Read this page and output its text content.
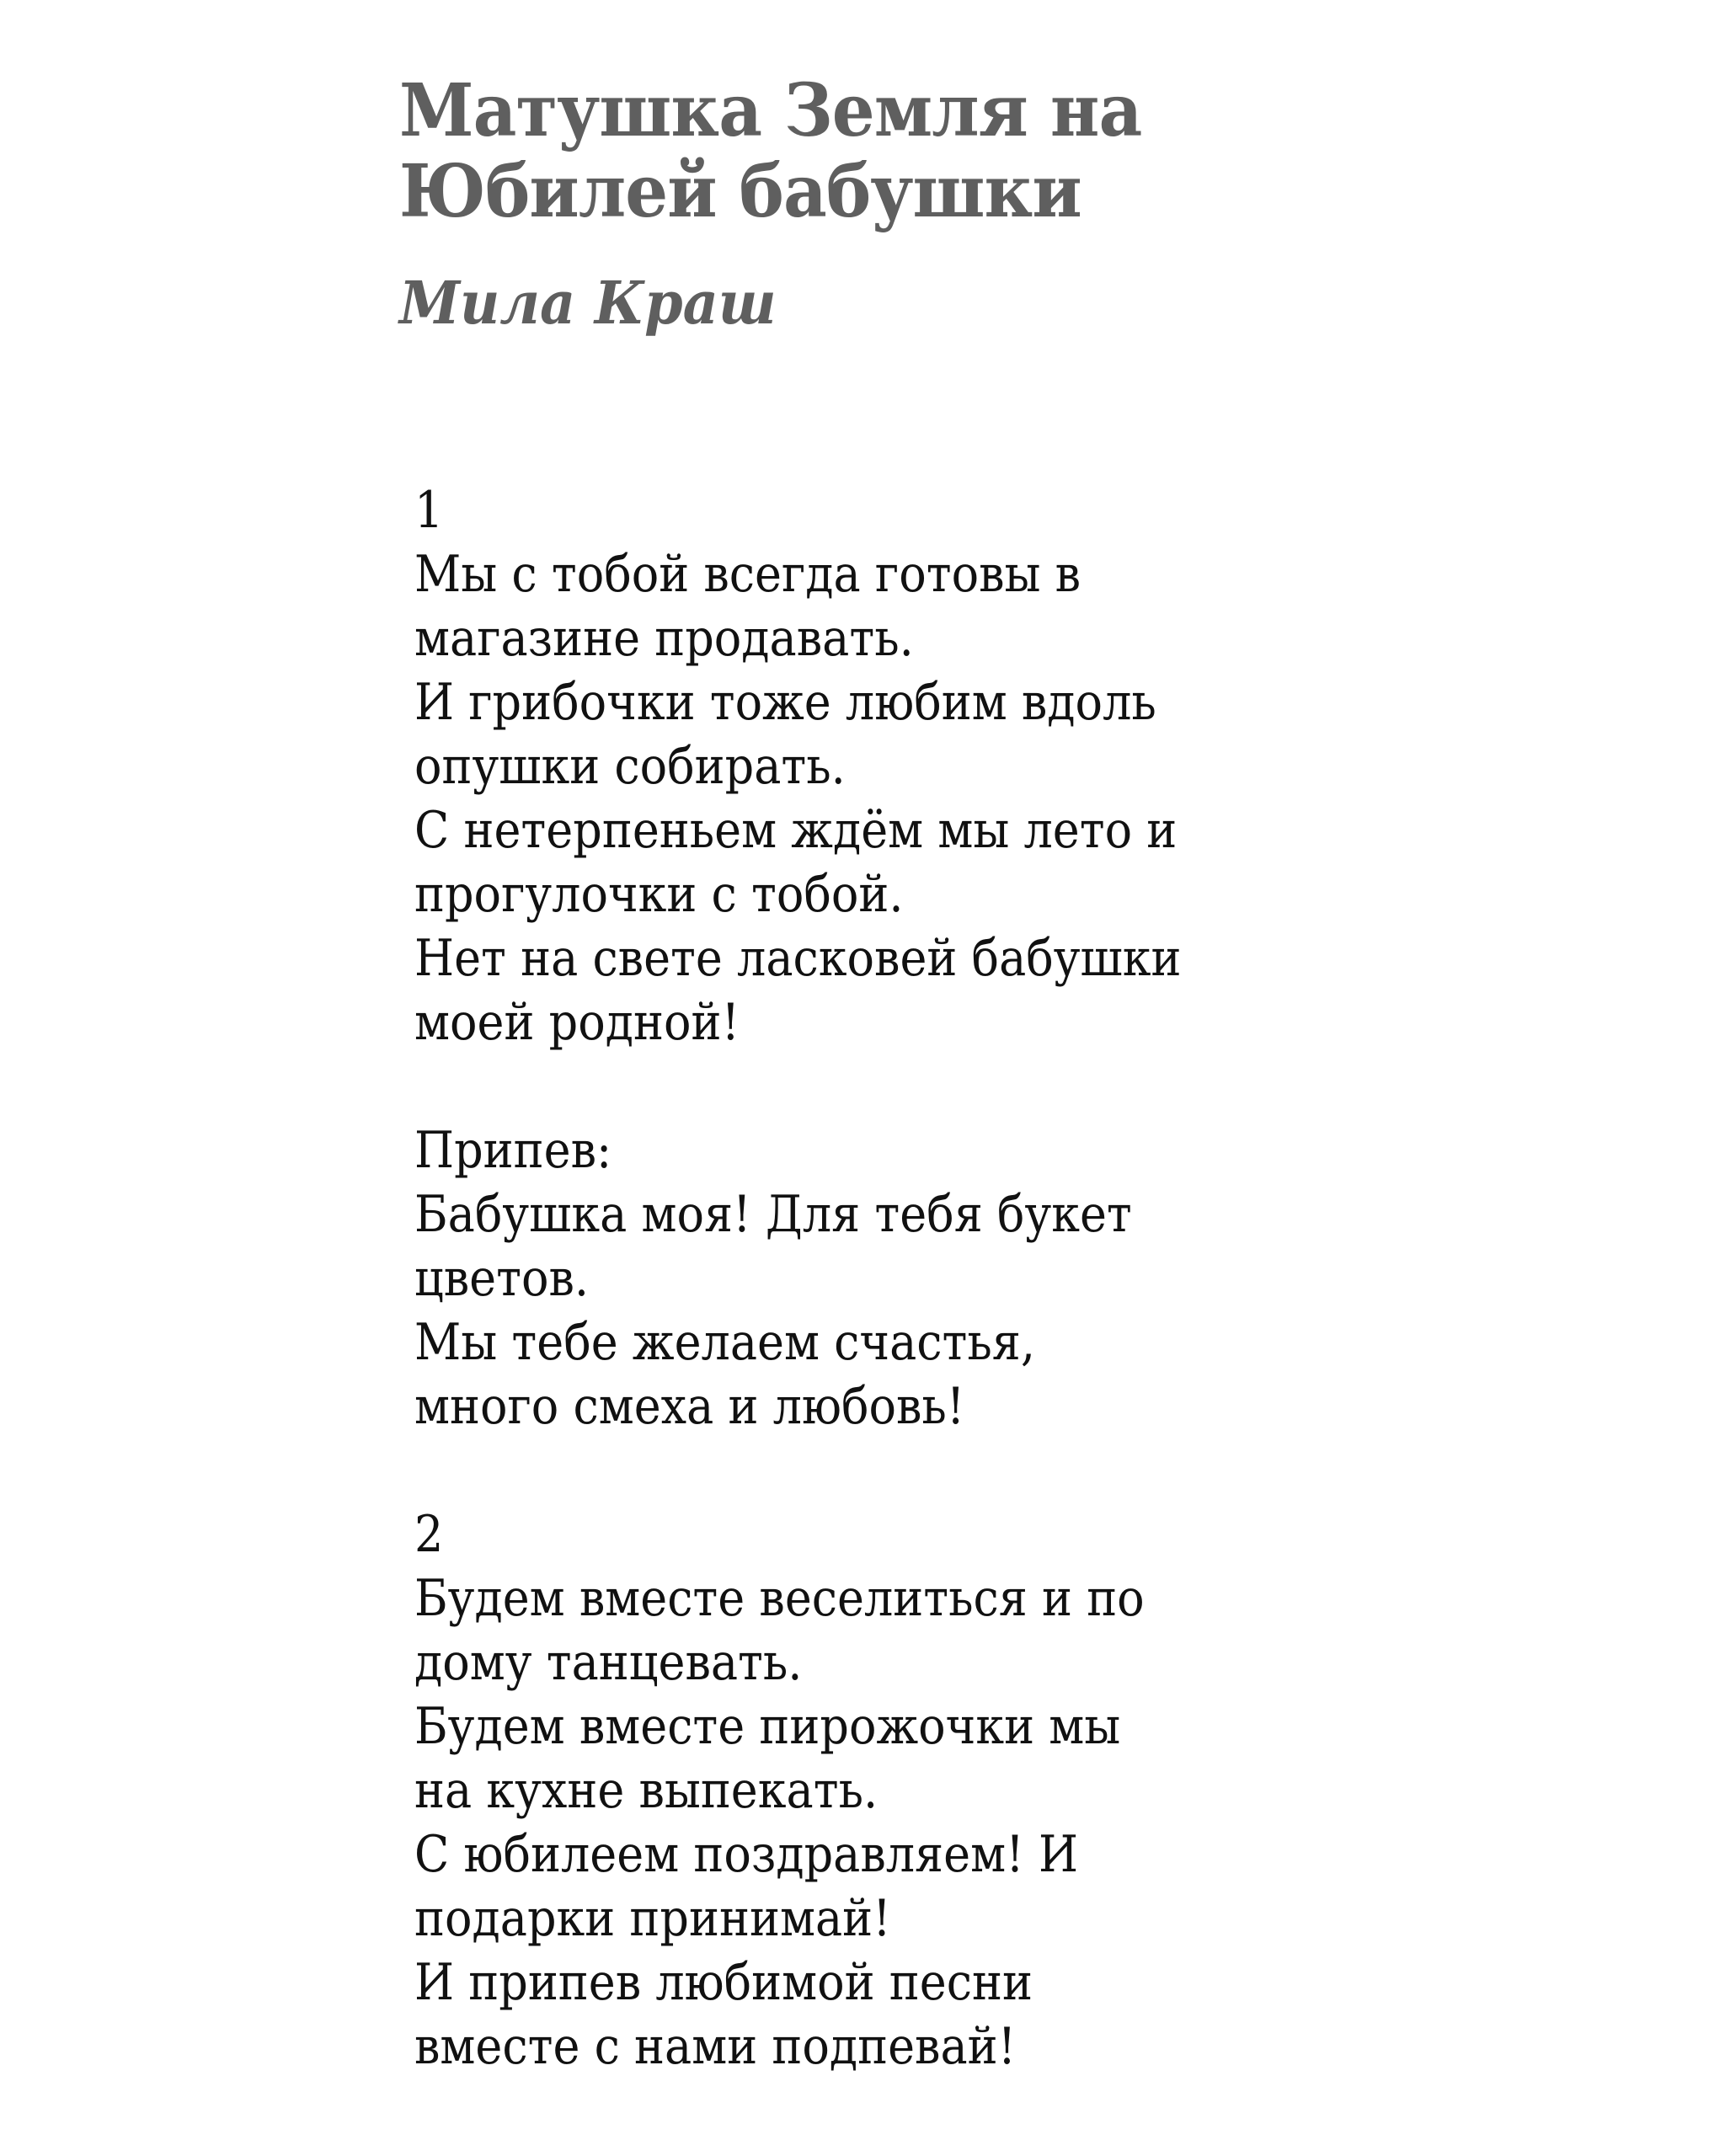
Матушка Земля на
Юбилей бабушки

Мила Краш

1
Мы с тобой всегда готовы в
магазине продавать.
И грибочки тоже любим вдоль
опушки собирать.
С нетерпеньем ждём мы лето и
прогулочки с тобой.
Нет на свете ласковей бабушки
моей родной!
Припев:
Бабушка моя! Для тебя букет
цветов.
Мы тебе желаем счастья,
много смеха и любовь!
2
Будем вместе веселиться и по
дому танцевать.
Будем вместе пирожочки мы
на кухне выпекать.
С юбилеем поздравляем! И
подарки принимай!
И припев любимой песни
вместе с нами подпевай!
